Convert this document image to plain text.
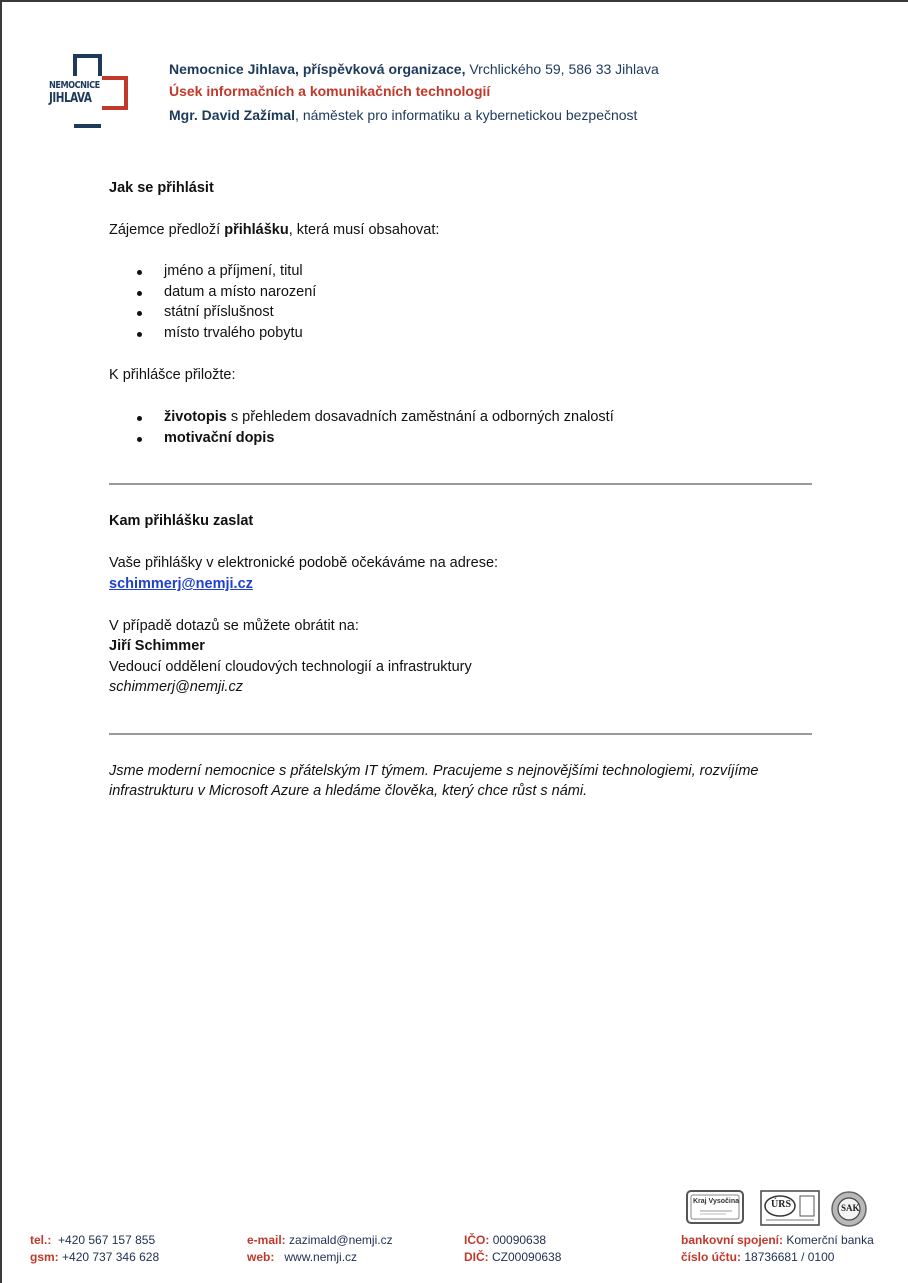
NEMOCNICE
JIHLAVA
Nemocnice Jihlava, příspěvková organizace, Vrchlického 59, 586 33 Jihlava
Úsek informačních a komunikačních technologií
Mgr. David Zažímal, náměstek pro informatiku a kybernetickou bezpečnost
Jak se přihlásit
Zájemce předloží přihlášku, která musí obsahovat:
jméno a příjmení, titul
datum a místo narození
státní příslušnost
místo trvalého pobytu
K přihlášce přiložte:
životopis s přehledem dosavadních zaměstnání a odborných znalostí
motivační dopis
Kam přihlášku zaslat
Vaše přihlášky v elektronické podobě očekáváme na adrese:
schimmerj@nemji.cz
V případě dotazů se můžete obrátit na:
Jiří Schimmer
Vedoucí oddělení cloudových technologií a infrastruktury
schimmerj@nemji.cz
Jsme moderní nemocnice s přátelským IT týmem. Pracujeme s nejnovějšími technologiemi, rozvíjíme
infrastrukturu v Microsoft Azure a hledáme člověka, který chce růst s námi.
Kraj Vysočina	ÚRS	SAK
tel.: +420 567 157 855
gsm: +420 737 346 628
e-mail: zazimald@nemji.cz
web: www.nemji.cz
IČO: 00090638
DIČ: CZ00090638
bankovní spojení: Komerční banka
číslo účtu: 18736681 / 0100
